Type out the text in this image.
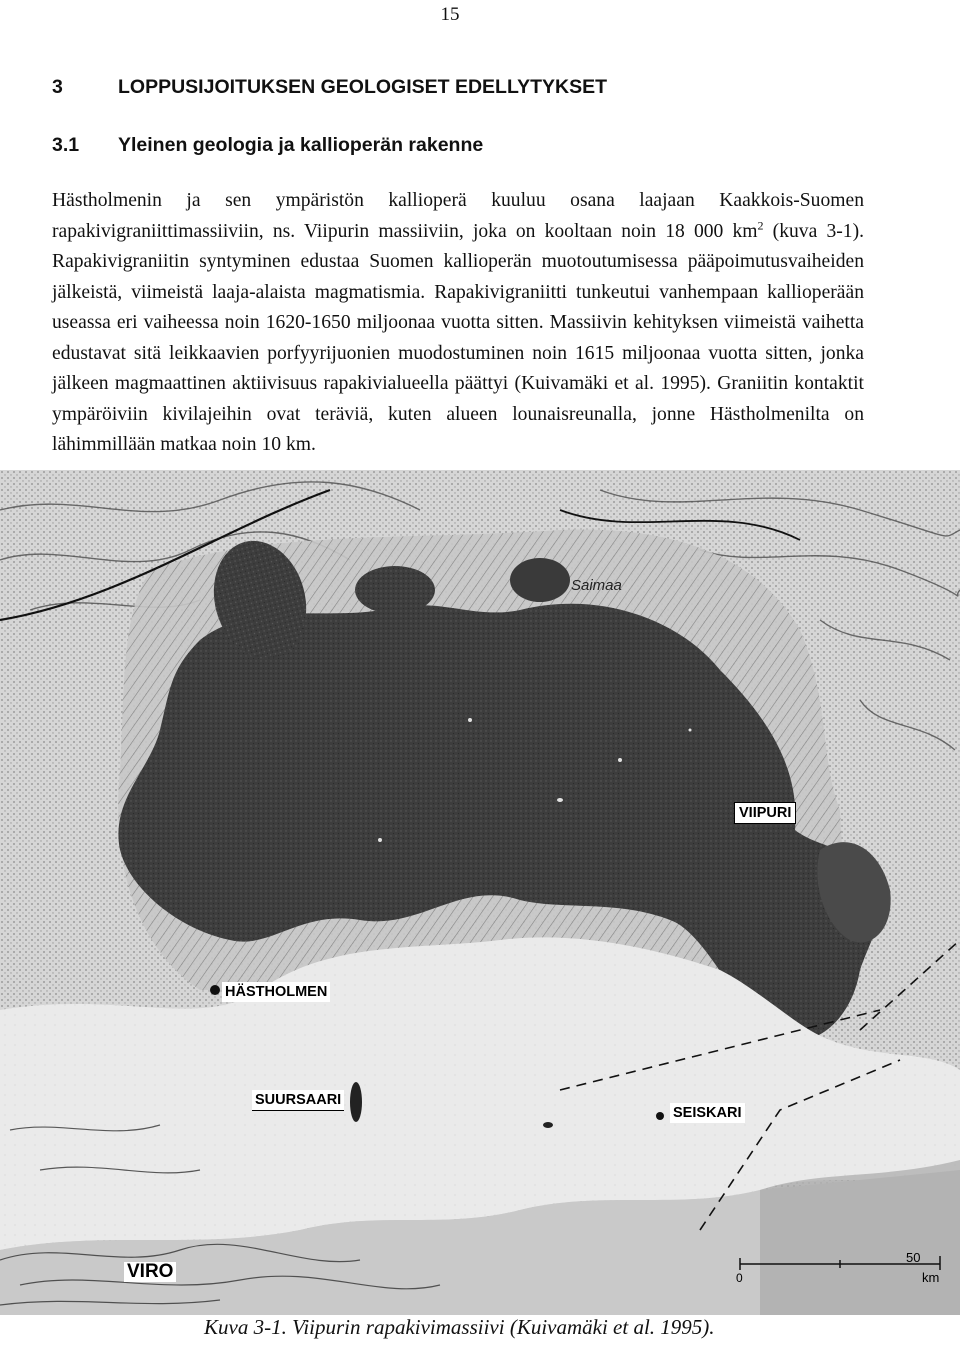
15
3	LOPPUSIJOITUKSEN GEOLOGISET EDELLYTYKSET
3.1 Yleinen geologia ja kallioperän rakenne

Hästholmenin ja sen ympäristön kallioperä kuuluu osana laajaan Kaakkois-Suomen rapakivigraniittimassiiviin, ns. Viipurin massiiviin, joka on kooltaan noin 18 000 $km^2$ (kuva 3-1). Rapakivigraniitin syntyminen edustaa Suomen kallioperän muotoutumisessa pääpoimutusvaiheiden jälkeistä, viimeistä laaja-alaista magmatismia. Rapakivigraniitti tunkeutui vanhempaan kallioperään useassa eri vaiheessa noin 1620-1650 miljoonaa vuotta sitten. Massiivin kehityksen viimeistä vaihetta edustavat sitä leikkaavien porfyyrijuonien muodostuminen noin 1615 miljoonaa vuotta sitten, jonka jälkeen magmaattinen aktiivisuus rapakivialueella päättyi (Kuivamäki et al. 1995). Graniitin kontaktit ympäröiviin kivilajeihin ovat teräviä, kuten alueen lounaisreunalla, jonne Hästholmenilta on lähimmillään matkaa noin 10 km.

Saimaa
VIIPURI
HÄSTHOLMEN
SUURSAARI
SEISKARI
VIRO	0
50
km
Kuva 3-1. Viipurin rapakivimassiivi (Kuivamäki et al. 1995).
